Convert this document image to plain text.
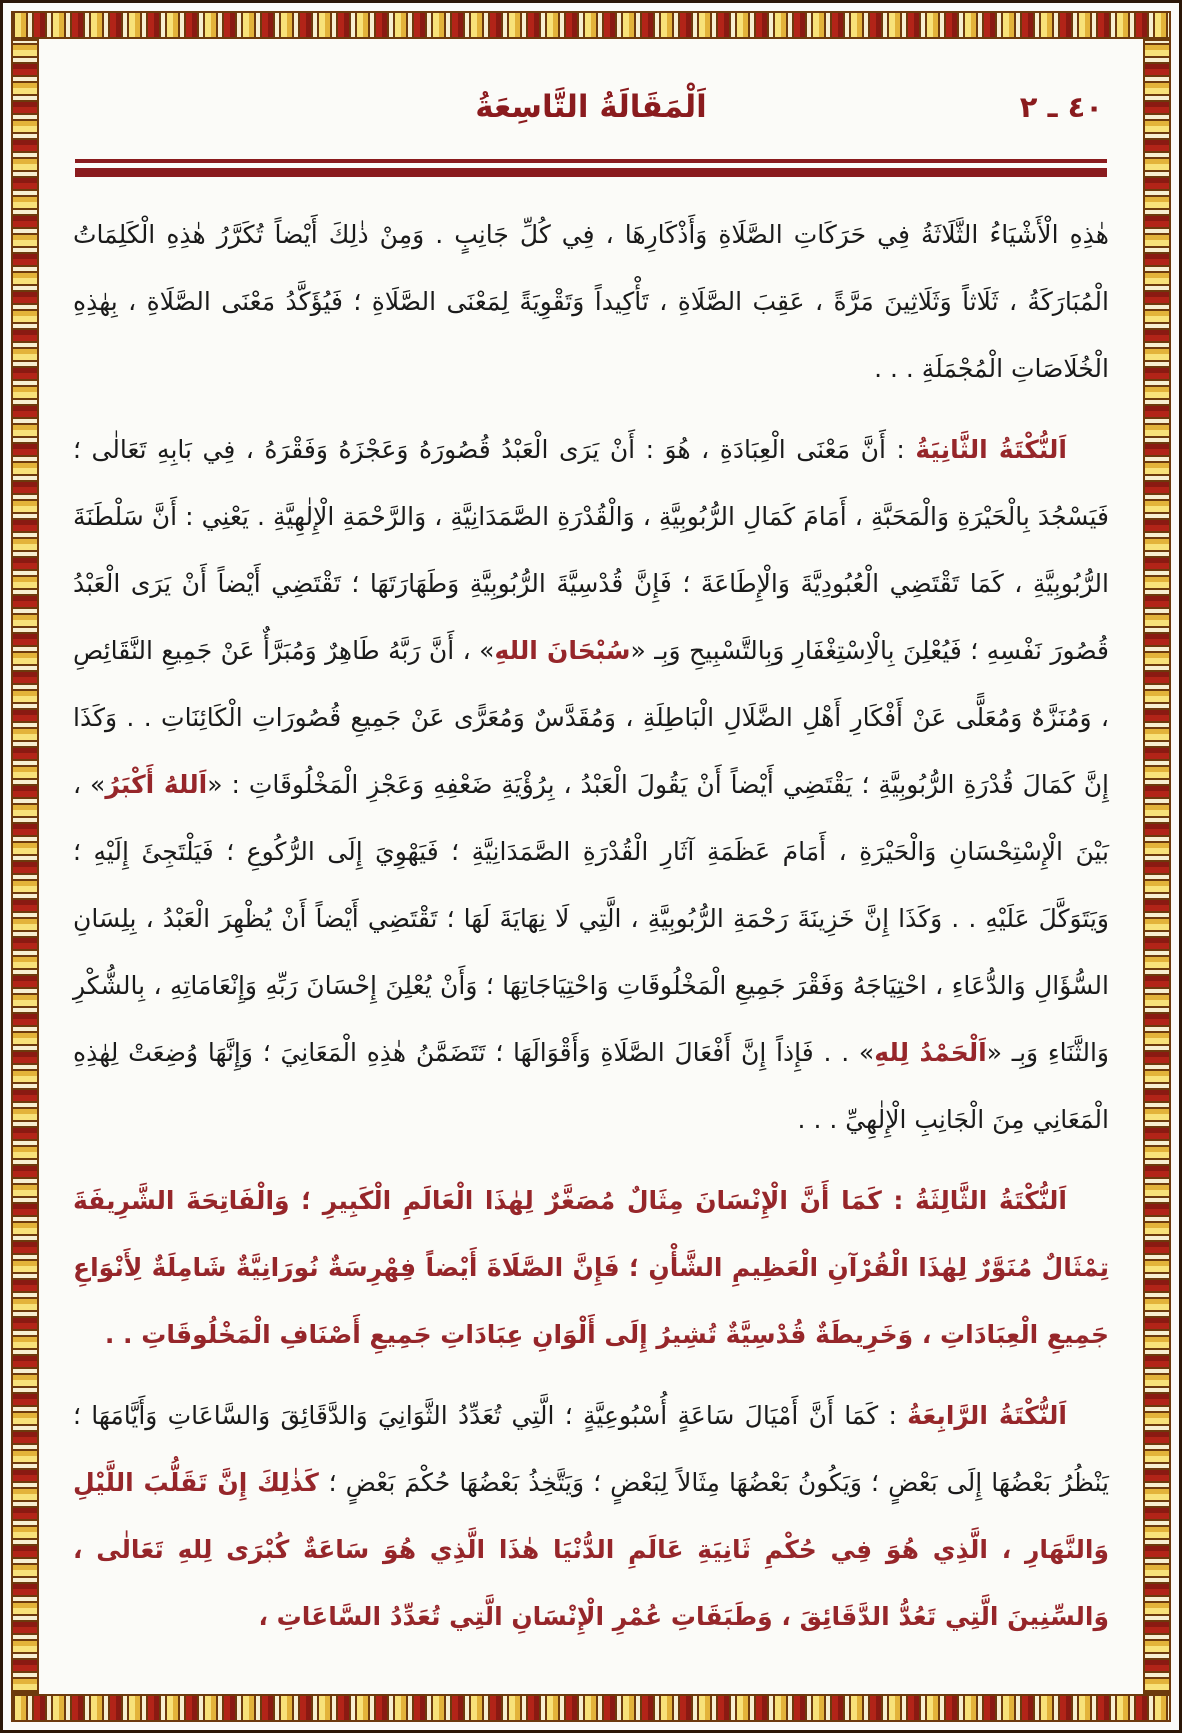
٤٠ ـ ٢
اَلْمَقَالَةُ التَّاسِعَةُ

هٰذِهِ الْأَشْيَاءُ الثَّلَاثَةُ فِي حَرَكَاتِ الصَّلَاةِ وَأَذْكَارِهَا ، فِي كُلِّ جَانِبٍ . وَمِنْ ذٰلِكَ أَيْضاً تُكَرَّرُ هٰذِهِ الْكَلِمَاتُ الْمُبَارَكَةُ ، ثَلَاثاً وَثَلَاثِينَ مَرَّةً ، عَقِبَ الصَّلَاةِ ، تَأْكِيداً وَتَقْوِيَةً لِمَعْنَى الصَّلَاةِ ؛ فَيُؤَكَّدُ مَعْنَى الصَّلَاةِ ، بِهٰذِهِ الْخُلَاصَاتِ الْمُجْمَلَةِ . . .

اَلنُّكْتَةُ الثَّانِيَةُ : أَنَّ مَعْنَى الْعِبَادَةِ ، هُوَ : أَنْ يَرَى الْعَبْدُ قُصُورَهُ وَعَجْزَهُ وَفَقْرَهُ ، فِي بَابِهِ تَعَالٰى ؛ فَيَسْجُدَ بِالْحَيْرَةِ وَالْمَحَبَّةِ ، أَمَامَ كَمَالِ الرُّبُوبِيَّةِ ، وَالْقُدْرَةِ الصَّمَدَانِيَّةِ ، وَالرَّحْمَةِ الْإِلٰهِيَّةِ . يَعْنِي : أَنَّ سَلْطَنَةَ الرُّبُوبِيَّةِ ، كَمَا تَقْتَضِي الْعُبُودِيَّةَ وَالْإِطَاعَةَ ؛ فَإِنَّ قُدْسِيَّةَ الرُّبُوبِيَّةِ وَطَهَارَتَهَا ؛ تَقْتَضِي أَيْضاً أَنْ يَرَى الْعَبْدُ قُصُورَ نَفْسِهِ ؛ فَيُعْلِنَ بِالْاِسْتِغْفَارِ وَبِالتَّسْبِيحِ وَبِـ «سُبْحَانَ اللهِ» ، أَنَّ رَبَّهُ طَاهِرٌ وَمُبَرَّأٌ عَنْ جَمِيعِ النَّقَائِصِ ، وَمُنَزَّهٌ وَمُعَلًّى عَنْ أَفْكَارِ أَهْلِ الضَّلَالِ الْبَاطِلَةِ ، وَمُقَدَّسٌ وَمُعَرًّى عَنْ جَمِيعِ قُصُورَاتِ الْكَائِنَاتِ . . وَكَذَا إِنَّ كَمَالَ قُدْرَةِ الرُّبُوبِيَّةِ ؛ يَقْتَضِي أَيْضاً أَنْ يَقُولَ الْعَبْدُ ، بِرُؤْيَةِ ضَعْفِهِ وَعَجْزِ الْمَخْلُوقَاتِ : «اَللهُ أَكْبَرُ» ، بَيْنَ الْإِسْتِحْسَانِ وَالْحَيْرَةِ ، أَمَامَ عَظَمَةِ آثَارِ الْقُدْرَةِ الصَّمَدَانِيَّةِ ؛ فَيَهْوِيَ إِلَى الرُّكُوعِ ؛ فَيَلْتَجِئَ إِلَيْهِ ؛ وَيَتَوَكَّلَ عَلَيْهِ . . وَكَذَا إِنَّ خَزِينَةَ رَحْمَةِ الرُّبُوبِيَّةِ ، الَّتِي لَا نِهَايَةَ لَهَا ؛ تَقْتَضِي أَيْضاً أَنْ يُظْهِرَ الْعَبْدُ ، بِلِسَانِ السُّؤَالِ وَالدُّعَاءِ ، احْتِيَاجَهُ وَفَقْرَ جَمِيعِ الْمَخْلُوقَاتِ وَاحْتِيَاجَاتِهَا ؛ وَأَنْ يُعْلِنَ إِحْسَانَ رَبِّهِ وَإِنْعَامَاتِهِ ، بِالشُّكْرِ وَالثَّنَاءِ وَبِـ «اَلْحَمْدُ لِلهِ» . . فَإِذاً إِنَّ أَفْعَالَ الصَّلَاةِ وَأَقْوَالَهَا ؛ تَتَضَمَّنُ هٰذِهِ الْمَعَانِيَ ؛ وَإِنَّهَا وُضِعَتْ لِهٰذِهِ الْمَعَانِي مِنَ الْجَانِبِ الْإِلٰهِيِّ . . .

اَلنُّكْتَةُ الثَّالِثَةُ : كَمَا أَنَّ الْإِنْسَانَ مِثَالٌ مُصَغَّرٌ لِهٰذَا الْعَالَمِ الْكَبِيرِ ؛ وَالْفَاتِحَةَ الشَّرِيفَةَ تِمْثَالٌ مُنَوَّرٌ لِهٰذَا الْقُرْآنِ الْعَظِيمِ الشَّأْنِ ؛ فَإِنَّ الصَّلَاةَ أَيْضاً فِهْرِسَةٌ نُورَانِيَّةٌ شَامِلَةٌ لِأَنْوَاعِ جَمِيعِ الْعِبَادَاتِ ، وَخَرِيطَةٌ قُدْسِيَّةٌ تُشِيرُ إِلَى أَلْوَانِ عِبَادَاتِ جَمِيعِ أَصْنَافِ الْمَخْلُوقَاتِ . .

اَلنُّكْتَةُ الرَّابِعَةُ : كَمَا أَنَّ أَمْيَالَ سَاعَةٍ أُسْبُوعِيَّةٍ ؛ الَّتِي تُعَدِّدُ الثَّوَانِيَ وَالدَّقَائِقَ وَالسَّاعَاتِ وَأَيَّامَهَا ؛ يَنْظُرُ بَعْضُهَا إِلَى بَعْضٍ ؛ وَيَكُونُ بَعْضُهَا مِثَالاً لِبَعْضٍ ؛ وَيَتَّخِذُ بَعْضُهَا حُكْمَ بَعْضٍ ؛ كَذٰلِكَ إِنَّ تَقَلُّبَ اللَّيْلِ وَالنَّهَارِ ، الَّذِي هُوَ فِي حُكْمِ ثَانِيَةِ عَالَمِ الدُّنْيَا هٰذَا الَّذِي هُوَ سَاعَةٌ كُبْرَى لِلهِ تَعَالٰى ، وَالسِّنِينَ الَّتِي تَعُدُّ الدَّقَائِقَ ، وَطَبَقَاتِ عُمْرِ الْإِنْسَانِ الَّتِي تُعَدِّدُ السَّاعَاتِ ،
